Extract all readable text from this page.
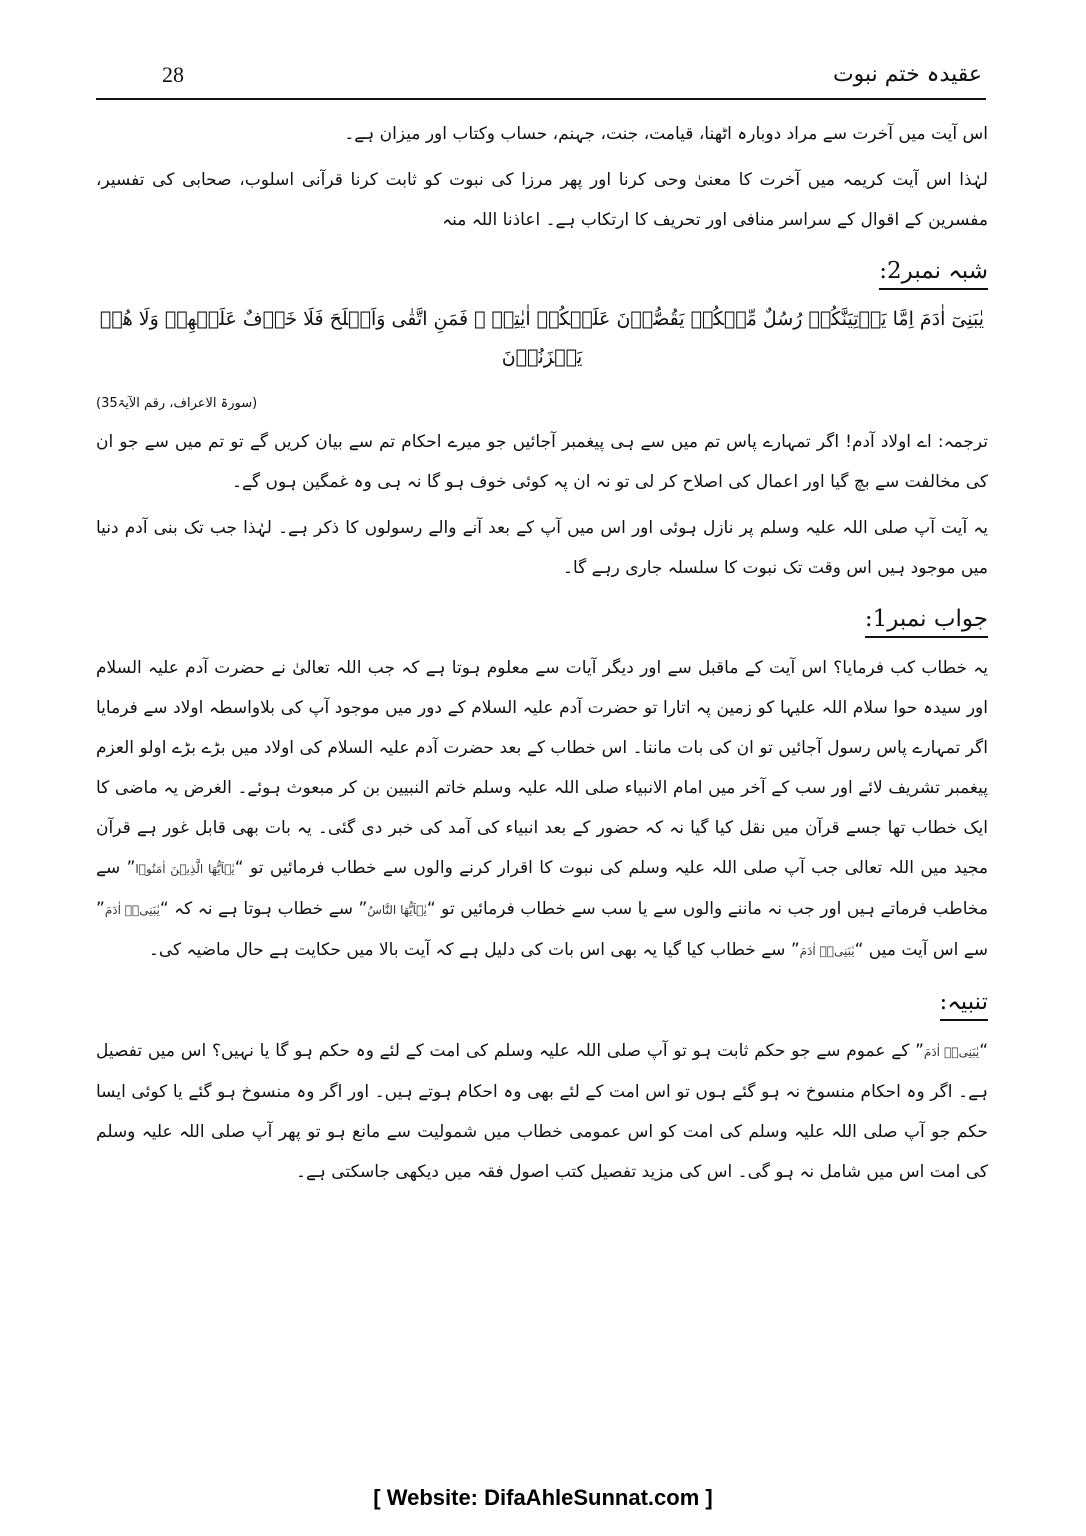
عقیدہ ختم نبوت
28

اس آیت میں آخرت سے مراد دوبارہ اٹھنا، قیامت، جنت، جہنم، حساب وکتاب اور میزان ہے۔

لہٰذا اس آیت کریمہ میں آخرت کا معنیٰ وحی کرنا اور پھر مرزا کی نبوت کو ثابت کرنا قرآنی اسلوب، صحابی کی تفسیر، مفسرین کے اقوال کے سراسر منافی اور تحریف کا ارتکاب ہے۔ اعاذنا اللہ منہ

شبہ نمبر2:

يٰبَنِىٓ اٰدَمَ اِمَّا يَاۡتِيَنَّكُمۡ رُسُلٌ مِّنۡكُمۡ يَقُصُّوۡنَ عَلَيۡكُمۡ اٰيٰتِىۡ ۙ فَمَنِ اتَّقٰى وَاَصۡلَحَ فَلَا خَوۡفٌ عَلَيۡهِمۡ وَلَا هُمۡ يَحۡزَنُوۡنَ

(سورۃ الاعراف، رقم الآیۃ35)

ترجمہ: اے اولاد آدم! اگر تمہارے پاس تم میں سے ہی پیغمبر آجائیں جو میرے احکام تم سے بیان کریں گے تو تم میں سے جو ان کی مخالفت سے بچ گیا اور اعمال کی اصلاح کر لی تو نہ ان پہ کوئی خوف ہو گا نہ ہی وہ غمگین ہوں گے۔

یہ آیت آپ صلی اللہ علیہ وسلم پر نازل ہوئی اور اس میں آپ کے بعد آنے والے رسولوں کا ذکر ہے۔ لہٰذا جب تک بنی آدم دنیا میں موجود ہیں اس وقت تک نبوت کا سلسلہ جاری رہے گا۔

جواب نمبر1:

یہ خطاب کب فرمایا؟ اس آیت کے ماقبل سے اور دیگر آیات سے معلوم ہوتا ہے کہ جب اللہ تعالیٰ نے حضرت آدم علیہ السلام اور سیدہ حوا سلام اللہ علیہا کو زمین پہ اتارا تو حضرت آدم علیہ السلام کے دور میں موجود آپ کی بلاواسطہ اولاد سے فرمایا اگر تمہارے پاس رسول آجائیں تو ان کی بات ماننا۔ اس خطاب کے بعد حضرت آدم علیہ السلام کی اولاد میں بڑے بڑے اولو العزم پیغمبر تشریف لائے اور سب کے آخر میں امام الانبیاء صلی اللہ علیہ وسلم خاتم النبیین بن کر مبعوث ہوئے۔ الغرض یہ ماضی کا ایک خطاب تھا جسے قرآن میں نقل کیا گیا نہ کہ حضور کے بعد انبیاء کی آمد کی خبر دی گئی۔ یہ بات بھی قابل غور ہے قرآن مجید میں اللہ تعالی جب آپ صلی اللہ علیہ وسلم کی نبوت کا اقرار کرنے والوں سے خطاب فرمائیں تو “يٰۤاَيُّهَا الَّذِيۡنَ اٰمَنُوۡا” سے مخاطب فرماتے ہیں اور جب نہ ماننے والوں سے یا سب سے خطاب فرمائیں تو “يٰۤاَيُّهَا النَّاسُ” سے خطاب ہوتا ہے نہ کہ “يٰبَنِىۡۤ اٰدَمَ” سے اس آیت میں “يٰبَنِىۡۤ اٰدَمَ” سے خطاب کیا گیا یہ بھی اس بات کی دلیل ہے کہ آیت بالا میں حکایت ہے حال ماضیہ کی۔

تنبیہ:

“يٰبَنِىۡۤ اٰدَمَ” کے عموم سے جو حکم ثابت ہو تو آپ صلی اللہ علیہ وسلم کی امت کے لئے وہ حکم ہو گا یا نہیں؟ اس میں تفصیل ہے۔ اگر وہ احکام منسوخ نہ ہو گئے ہوں تو اس امت کے لئے بھی وہ احکام ہوتے ہیں۔ اور اگر وہ منسوخ ہو گئے یا کوئی ایسا حکم جو آپ صلی اللہ علیہ وسلم کی امت کو اس عمومی خطاب میں شمولیت سے مانع ہو تو پھر آپ صلی اللہ علیہ وسلم کی امت اس میں شامل نہ ہو گی۔ اس کی مزید تفصیل کتب اصول فقہ میں دیکھی جاسکتی ہے۔

[ Website: DifaAhleSunnat.com ]
